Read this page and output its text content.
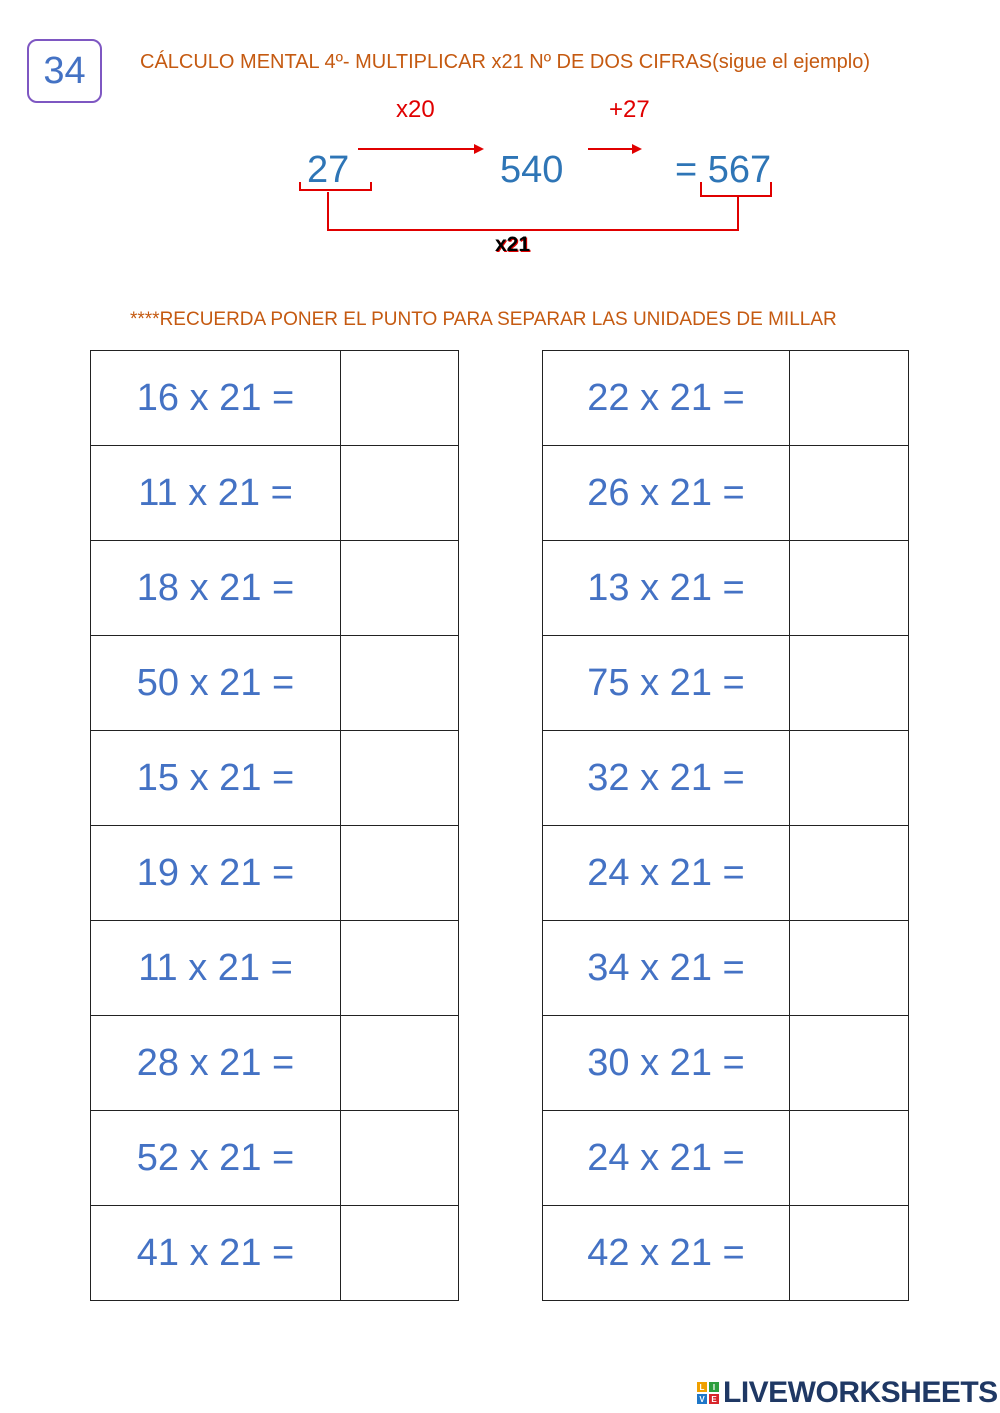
34	CÁLCULO MENTAL 4º- MULTIPLICAR x21 Nº DE DOS CIFRAS(sigue el ejemplo)
x20	+27
27	540	= 567
x21
****RECUERDA PONER EL PUNTO PARA SEPARAR LAS UNIDADES DE MILLAR
16 x 21 =	
11 x 21 =	
18 x 21 =	
50 x 21 =	
15 x 21 =	
19 x 21 =	
11 x 21 =	
28 x 21 =	
52 x 21 =	
41 x 21 =	
22 x 21 =	
26 x 21 =	
13 x 21 =	
75 x 21 =	
32 x 21 =	
24 x 21 =	
34 x 21 =	
30 x 21 =	
24 x 21 =	
42 x 21 =	
L	I
V E LIVEWORKSHEETS
